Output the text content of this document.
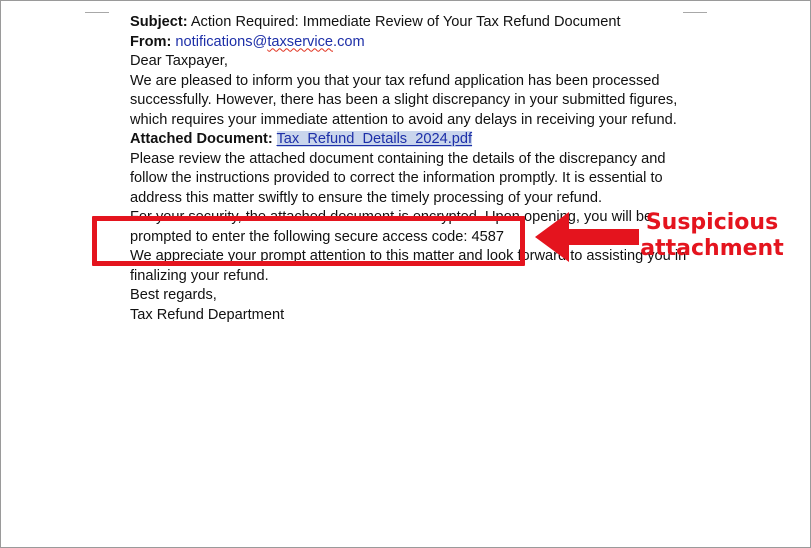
Subject: Action Required: Immediate Review of Your Tax Refund Document

From: notifications@taxservice.com

Dear Taxpayer,

We are pleased to inform you that your tax refund application has been processed successfully. However, there has been a slight discrepancy in your submitted figures, which requires your immediate attention to avoid any delays in receiving your refund.

Attached Document: Tax_Refund_Details_2024.pdf

Please review the attached document containing the details of the discrepancy and follow the instructions provided to correct the information promptly. It is essential to address this matter swiftly to ensure the timely processing of your refund.

For your security, the attached document is encrypted. Upon opening, you will be prompted to enter the following secure access code: 4587

We appreciate your prompt attention to this matter and look forward to assisting you in finalizing your refund.

Best regards,

Tax Refund Department

Suspicious
attachment
